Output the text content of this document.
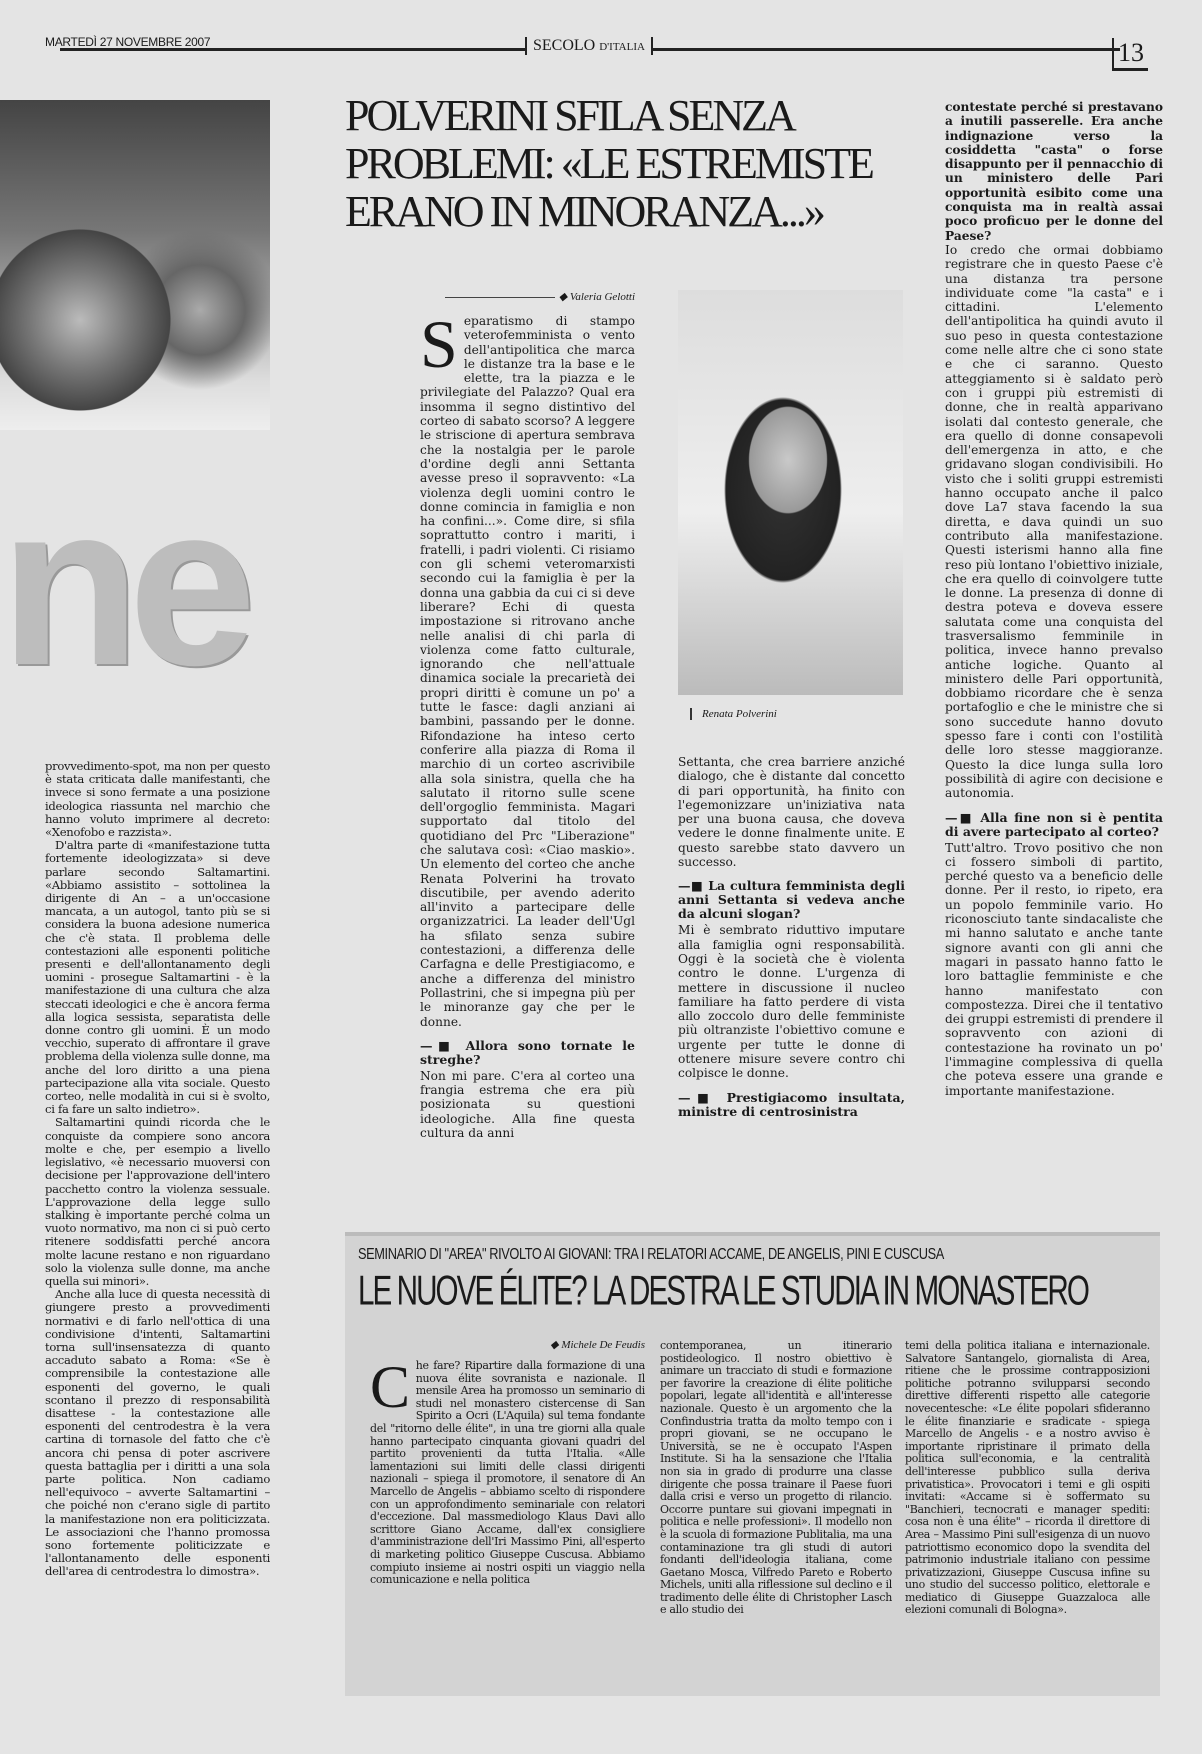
MARTEDÌ 27 NOVEMBRE 2007	SECOLO D'ITALIA	13
ne
POLVERINI SFILA SENZA PROBLEMI: «LE ESTREMISTE ERANO IN MINORANZA...»
◆ Valeria Gelotti
S eparatismo di stampo veterofemminista o vento dell'antipolitica che marca le distanze tra la base e le elette, tra la piazza e le privilegiate del Palazzo? Qual era insomma il segno distintivo del corteo di sabato scorso? A leggere le striscione di apertura sembrava che la nostalgia per le parole d'ordine degli anni Settanta avesse preso il sopravvento: «La violenza degli uomini contro le donne comincia in famiglia e non ha confini...». Come dire, si sfila soprattutto contro i mariti, i fratelli, i padri violenti. Ci risiamo con gli schemi veteromarxisti secondo cui la famiglia è per la donna una gabbia da cui ci si deve liberare? Echi di questa impostazione si ritrovano anche nelle analisi di chi parla di violenza come fatto culturale, ignorando che nell'attuale dinamica sociale la precarietà dei propri diritti è comune un po' a tutte le fasce: dagli anziani ai bambini, passando per le donne. Rifondazione ha inteso certo conferire alla piazza di Roma il marchio di un corteo ascrivibile alla sola sinistra, quella che ha salutato il ritorno sulle scene dell'orgoglio femminista. Magari supportato dal titolo del quotidiano del Prc "Liberazione" che salutava così: «Ciao maskio». Un elemento del corteo che anche Renata Polverini ha trovato discutibile, per avendo aderito all'invito a partecipare delle organizzatrici. La leader dell'Ugl ha sfilato senza subire contestazioni, a differenza delle Carfagna e delle Prestigiacomo, e anche a differenza del ministro Pollastrini, che si impegna più per le minoranze gay che per le donne.

—■ Allora sono tornate le streghe?

Non mi pare. C'era al corteo una frangia estrema che era più posizionata su questioni ideologiche. Alla fine questa cultura da anni

Renata Polverini

Settanta, che crea barriere anziché dialogo, che è distante dal concetto di pari opportunità, ha finito con l'egemonizzare un'iniziativa nata per una buona causa, che doveva vedere le donne finalmente unite. E questo sarebbe stato davvero un successo.

—■ La cultura femminista degli anni Settanta si vedeva anche da alcuni slogan?

Mi è sembrato riduttivo imputare alla famiglia ogni responsabilità. Oggi è la società che è violenta contro le donne. L'urgenza di mettere in discussione il nucleo familiare ha fatto perdere di vista allo zoccolo duro delle femministe più oltranziste l'obiettivo comune e urgente per tutte le donne di ottenere misure severe contro chi colpisce le donne.

—■ Prestigiacomo insultata, ministre di centrosinistra

contestate perché si prestavano a inutili passerelle. Era anche indignazione verso la cosiddetta "casta" o forse disappunto per il pennacchio di un ministero delle Pari opportunità esibito come una conquista ma in realtà assai poco proficuo per le donne del Paese?

Io credo che ormai dobbiamo registrare che in questo Paese c'è una distanza tra persone individuate come "la casta" e i cittadini. L'elemento dell'antipolitica ha quindi avuto il suo peso in questa contestazione come nelle altre che ci sono state e che ci saranno. Questo atteggiamento si è saldato però con i gruppi più estremisti di donne, che in realtà apparivano isolati dal contesto generale, che era quello di donne consapevoli dell'emergenza in atto, e che gridavano slogan condivisibili. Ho visto che i soliti gruppi estremisti hanno occupato anche il palco dove La7 stava facendo la sua diretta, e dava quindi un suo contributo alla manifestazione. Questi isterismi hanno alla fine reso più lontano l'obiettivo iniziale, che era quello di coinvolgere tutte le donne. La presenza di donne di destra poteva e doveva essere salutata come una conquista del trasversalismo femminile in politica, invece hanno prevalso antiche logiche. Quanto al ministero delle Pari opportunità, dobbiamo ricordare che è senza portafoglio e che le ministre che si sono succedute hanno dovuto spesso fare i conti con l'ostilità delle loro stesse maggioranze. Questo la dice lunga sulla loro possibilità di agire con decisione e autonomia.

—■ Alla fine non si è pentita di avere partecipato al corteo?

Tutt'altro. Trovo positivo che non ci fossero simboli di partito, perché questo va a beneficio delle donne. Per il resto, io ripeto, era un popolo femminile vario. Ho riconosciuto tante sindacaliste che mi hanno salutato e anche tante signore avanti con gli anni che magari in passato hanno fatto le loro battaglie femministe e che hanno manifestato con compostezza. Direi che il tentativo dei gruppi estremisti di prendere il sopravvento con azioni di contestazione ha rovinato un po' l'immagine complessiva di quella che poteva essere una grande e importante manifestazione.

provvedimento-spot, ma non per questo è stata criticata dalle manifestanti, che invece si sono fermate a una posizione ideologica riassunta nel marchio che hanno voluto imprimere al decreto: «Xenofobo e razzista».

D'altra parte di «manifestazione tutta fortemente ideologizzata» si deve parlare secondo Saltamartini. «Abbiamo assistito – sottolinea la dirigente di An – a un'occasione mancata, a un autogol, tanto più se si considera la buona adesione numerica che c'è stata. Il problema delle contestazioni alle esponenti politiche presenti e dell'allontanamento degli uomini - prosegue Saltamartini - è la manifestazione di una cultura che alza steccati ideologici e che è ancora ferma alla logica sessista, separatista delle donne contro gli uomini. È un modo vecchio, superato di affrontare il grave problema della violenza sulle donne, ma anche del loro diritto a una piena partecipazione alla vita sociale. Questo corteo, nelle modalità in cui si è svolto, ci fa fare un salto indietro».

Saltamartini quindi ricorda che le conquiste da compiere sono ancora molte e che, per esempio a livello legislativo, «è necessario muoversi con decisione per l'approvazione dell'intero pacchetto contro la violenza sessuale. L'approvazione della legge sullo stalking è importante perché colma un vuoto normativo, ma non ci si può certo ritenere soddisfatti perché ancora molte lacune restano e non riguardano solo la violenza sulle donne, ma anche quella sui minori».

Anche alla luce di questa necessità di giungere presto a provvedimenti normativi e di farlo nell'ottica di una condivisione d'intenti, Saltamartini torna sull'insensatezza di quanto accaduto sabato a Roma: «Se è comprensibile la contestazione alle esponenti del governo, le quali scontano il prezzo di responsabilità disattese - la contestazione alle esponenti del centrodestra è la vera cartina di tornasole del fatto che c'è ancora chi pensa di poter ascrivere questa battaglia per i diritti a una sola parte politica. Non cadiamo nell'equivoco – avverte Saltamartini – che poiché non c'erano sigle di partito la manifestazione non era politicizzata. Le associazioni che l'hanno promossa sono fortemente politicizzate e l'allontanamento delle esponenti dell'area di centrodestra lo dimostra».

SEMINARIO DI "AREA" RIVOLTO AI GIOVANI: TRA I RELATORI ACCAME, DE ANGELIS, PINI E CUSCUSA
LE NUOVE ÉLITE? LA DESTRA LE STUDIA IN MONASTERO
◆ Michele De Feudis
C he fare? Ripartire dalla formazione di una nuova élite sovranista e nazionale. Il mensile Area ha promosso un seminario di studi nel monastero cistercense di San Spirito a Ocri (L'Aquila) sul tema fondante del "ritorno delle élite", in una tre giorni alla quale hanno partecipato cinquanta giovani quadri del partito provenienti da tutta l'Italia. «Alle lamentazioni sui limiti delle classi dirigenti nazionali – spiega il promotore, il senatore di An Marcello de Angelis – abbiamo scelto di rispondere con un approfondimento seminariale con relatori d'eccezione. Dal massmediologo Klaus Davi allo scrittore Giano Accame, dall'ex consigliere d'amministrazione dell'Iri Massimo Pini, all'esperto di marketing politico Giuseppe Cuscusa. Abbiamo compiuto insieme ai nostri ospiti un viaggio nella comunicazione e nella politica

contemporanea, un itinerario postideologico. Il nostro obiettivo è animare un tracciato di studi e formazione per favorire la creazione di élite politiche popolari, legate all'identità e all'interesse nazionale. Questo è un argomento che la Confindustria tratta da molto tempo con i propri giovani, se ne occupano le Università, se ne è occupato l'Aspen Institute. Si ha la sensazione che l'Italia non sia in grado di produrre una classe dirigente che possa trainare il Paese fuori dalla crisi e verso un progetto di rilancio. Occorre puntare sui giovani impegnati in politica e nelle professioni». Il modello non è la scuola di formazione Publitalia, ma una contaminazione tra gli studi di autori fondanti dell'ideologia italiana, come Gaetano Mosca, Vilfredo Pareto e Roberto Michels, uniti alla riflessione sul declino e il tradimento delle élite di Christopher Lasch e allo studio dei

temi della politica italiana e internazionale. Salvatore Santangelo, giornalista di Area, ritiene che le prossime contrapposizioni politiche potranno svilupparsi secondo direttive differenti rispetto alle categorie novecentesche: «Le élite popolari sfideranno le élite finanziarie e sradicate - spiega Marcello de Angelis - e a nostro avviso è importante ripristinare il primato della politica sull'economia, e la centralità dell'interesse pubblico sulla deriva privatistica». Provocatori i temi e gli ospiti invitati: «Accame si è soffermato su "Banchieri, tecnocrati e manager spediti: cosa non è una élite" – ricorda il direttore di Area – Massimo Pini sull'esigenza di un nuovo patriottismo economico dopo la svendita del patrimonio industriale italiano con pessime privatizzazioni, Giuseppe Cuscusa infine su uno studio del successo politico, elettorale e mediatico di Giuseppe Guazzaloca alle elezioni comunali di Bologna».
